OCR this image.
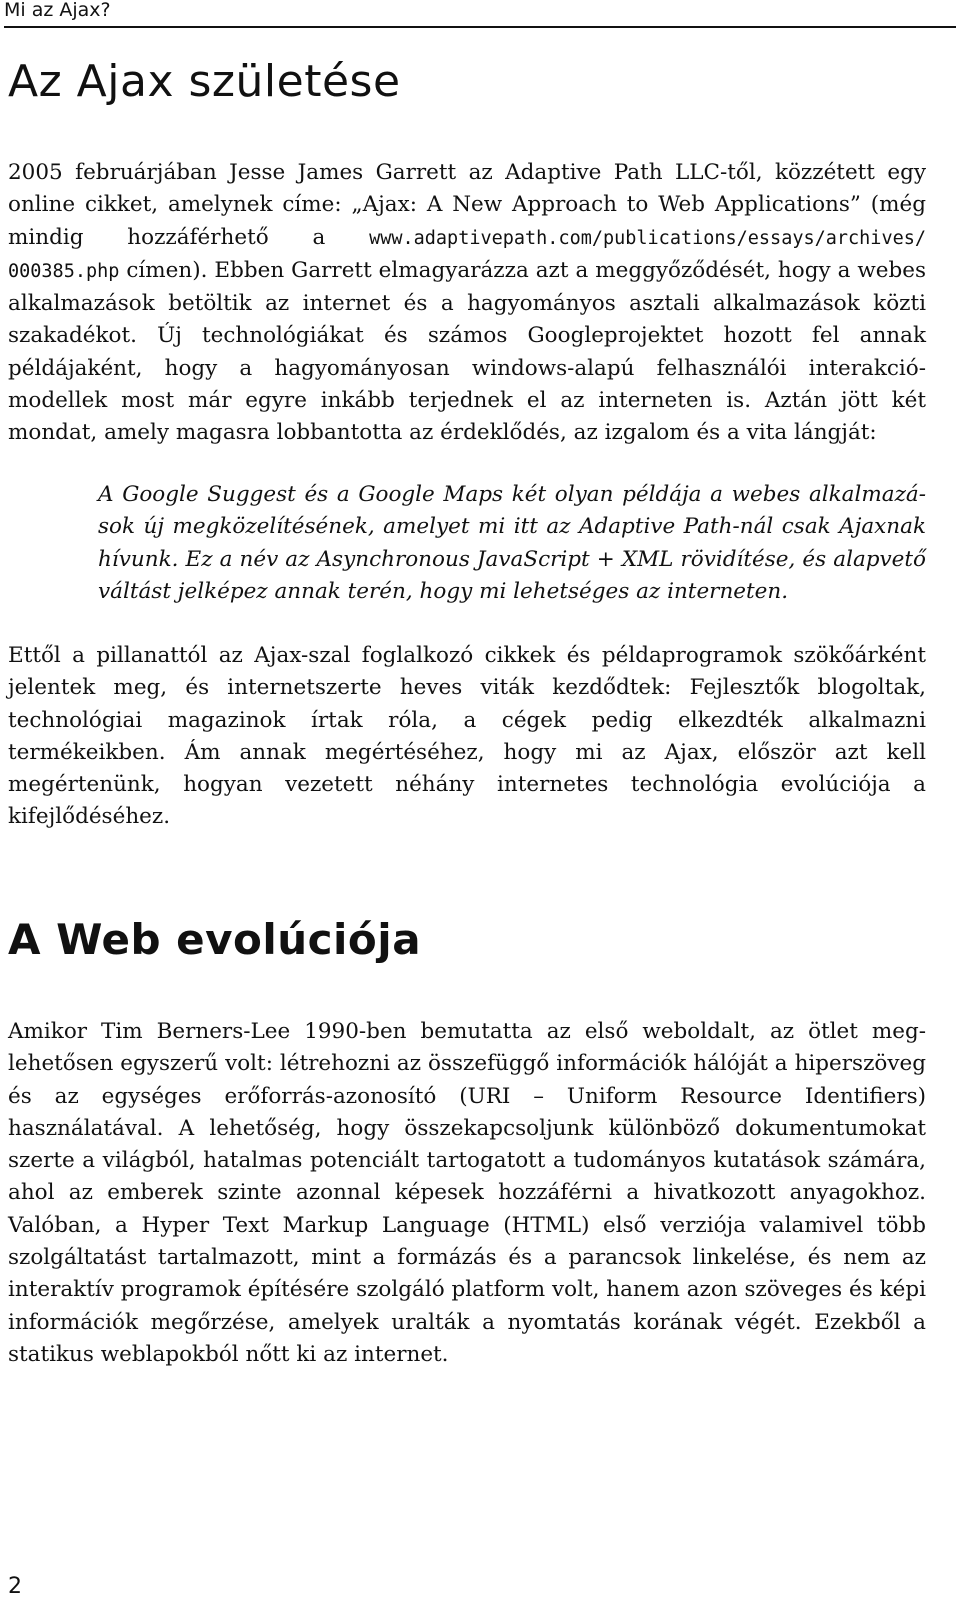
Mi az Ajax?
Az Ajax születése

2005 februárjában Jesse James Garrett az Adaptive Path LLC-től, közzétett egy online cikket, amelynek címe: „Ajax: A New Approach to Web Applications” (még mindig hozzáférhető a www.adaptivepath.com/publications/essays/archives/ 000385.php címen). Ebben Garrett elmagyarázza azt a meggyőződését, hogy a webes alkalmazások betöltik az internet és a hagyományos asztali alkalmazások közti szakadékot. Új technológiákat és számos Googleprojektet hozott fel annak példájaként, hogy a hagyományosan windows-alapú felhasználói interakciómodellek most már egyre inkább terjednek el az interneten is. Aztán jött két mondat, amely magasra lobbantotta az érdeklődés, az izgalom és a vita lángját:

A Google Suggest és a Google Maps két olyan példája a webes alkalmazások új megközelítésének, amelyet mi itt az Adaptive Path-nál csak Ajaxnak hívunk. Ez a név az Asynchronous JavaScript + XML rövidítése, és alapvető váltást jelképez annak terén, hogy mi lehetséges az interneten.

Ettől a pillanattól az Ajax-szal foglalkozó cikkek és példaprogramok szökőárként jelentek meg, és internetszerte heves viták kezdődtek: Fejlesztők blogoltak, technológiai magazinok írtak róla, a cégek pedig elkezdték alkalmazni termékeikben. Ám annak megértéséhez, hogy mi az Ajax, először azt kell megértenünk, hogyan vezetett néhány internetes technológia evolúciója a kifejlődéséhez.

A Web evolúciója

Amikor Tim Berners-Lee 1990-ben bemutatta az első weboldalt, az ötlet meglehetősen egyszerű volt: létrehozni az összefüggő információk hálóját a hiperszöveg és az egységes erőforrás-azonosító (URI – Uniform Resource Identifiers) használatával. A lehetőség, hogy összekapcsoljunk különböző dokumentumokat szerte a világból, hatalmas potenciált tartogatott a tudományos kutatások számára, ahol az emberek szinte azonnal képesek hozzáférni a hivatkozott anyagokhoz. Valóban, a Hyper Text Markup Language (HTML) első verziója valamivel több szolgáltatást tartalmazott, mint a formázás és a parancsok linkelése, és nem az interaktív programok építésére szolgáló platform volt, hanem azon szöveges és képi információk megőrzése, amelyek uralták a nyomtatás korának végét. Ezekből a statikus weblapokból nőtt ki az internet.

2
